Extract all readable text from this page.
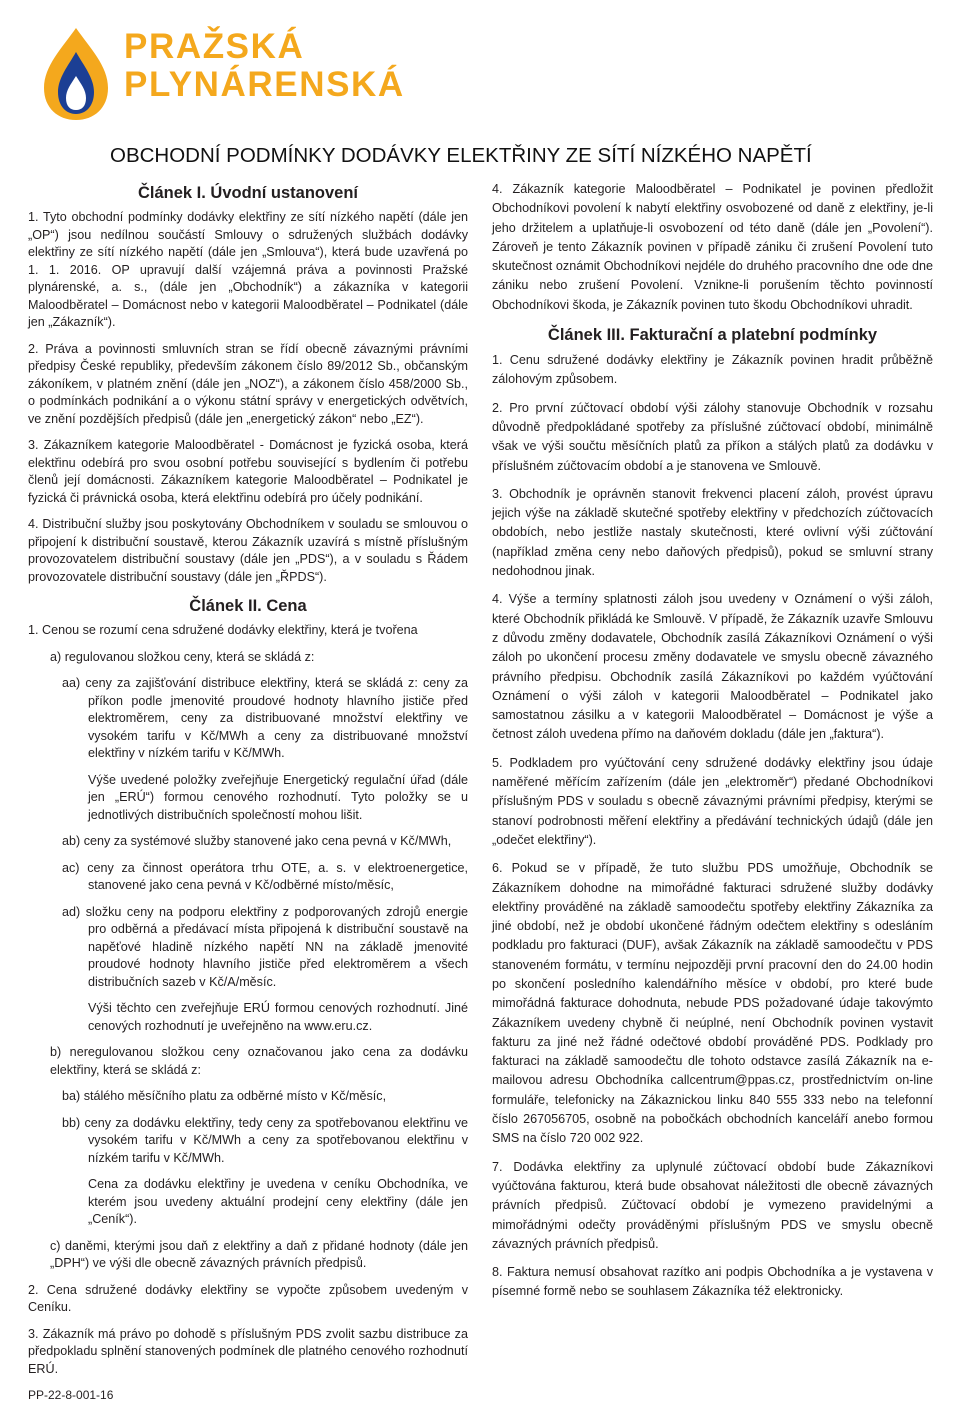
PRAŽSKÁ
PLYNÁRENSKÁ
OBCHODNÍ PODMÍNKY DODÁVKY ELEKTŘINY ZE SÍTÍ NÍZKÉHO NAPĚTÍ
Článek I. Úvodní ustanovení

1. Tyto obchodní podmínky dodávky elektřiny ze sítí nízkého napětí (dále jen „OP“) jsou nedílnou součástí Smlouvy o sdružených službách dodávky elektřiny ze sítí nízkého napětí (dále jen „Smlouva“), která bude uzavřená po 1. 1. 2016. OP upravují další vzájemná práva a povinnosti Pražské plynárenské, a. s., (dále jen „Obchodník“) a zákazníka v kategorii Maloodběratel – Domácnost nebo v kategorii Maloodběratel – Podnikatel (dále jen „Zákazník“).

2. Práva a povinnosti smluvních stran se řídí obecně závaznými právními předpisy České republiky, především zákonem číslo 89/2012 Sb., občanským zákoníkem, v platném znění (dále jen „NOZ“), a zákonem číslo 458/2000 Sb., o podmínkách podnikání a o výkonu státní správy v energetických odvětvích, ve znění pozdějších předpisů (dále jen „energetický zákon“ nebo „EZ“).

3. Zákazníkem kategorie Maloodběratel - Domácnost je fyzická osoba, která elektřinu odebírá pro svou osobní potřebu související s bydlením či potřebu členů její domácnosti. Zákazníkem kategorie Maloodběratel – Podnikatel je fyzická či právnická osoba, která elektřinu odebírá pro účely podnikání.

4. Distribuční služby jsou poskytovány Obchodníkem v souladu se smlouvou o připojení k distribuční soustavě, kterou Zákazník uzavírá s místně příslušným provozovatelem distribuční soustavy (dále jen „PDS“), a v souladu s Řádem provozovatele distribuční soustavy (dále jen „ŘPDS“).

Článek II. Cena

1. Cenou se rozumí cena sdružené dodávky elektřiny, která je tvořena

a) regulovanou složkou ceny, která se skládá z:

aa) ceny za zajišťování distribuce elektřiny, která se skládá z: ceny za příkon podle jmenovité proudové hodnoty hlavního jističe před elektroměrem, ceny za distribuované množství elektřiny ve vysokém tarifu v Kč/MWh a ceny za distribuované množství elektřiny v nízkém tarifu v Kč/MWh.

Výše uvedené položky zveřejňuje Energetický regulační úřad (dále jen „ERÚ“) formou cenového rozhodnutí. Tyto položky se u jednotlivých distribučních společností mohou lišit.

ab) ceny za systémové služby stanovené jako cena pevná v Kč/MWh,

ac) ceny za činnost operátora trhu OTE, a. s. v elektroenergetice, stanovené jako cena pevná v Kč/odběrné místo/měsíc,

ad) složku ceny na podporu elektřiny z podporovaných zdrojů energie pro odběrná a předávací místa připojená k distribuční soustavě na napěťové hladině nízkého napětí NN na základě jmenovité proudové hodnoty hlavního jističe před elektroměrem a všech distribučních sazeb v Kč/A/měsíc.

Výši těchto cen zveřejňuje ERÚ formou cenových rozhodnutí. Jiné cenových rozhodnutí je uveřejněno na www.eru.cz.

b) neregulovanou složkou ceny označovanou jako cena za dodávku elektřiny, která se skládá z:

ba) stálého měsíčního platu za odběrné místo v Kč/měsíc,

bb) ceny za dodávku elektřiny, tedy ceny za spotřebovanou elektřinu ve vysokém tarifu v Kč/MWh a ceny za spotřebovanou elektřinu v nízkém tarifu v Kč/MWh.

Cena za dodávku elektřiny je uvedena v ceníku Obchodníka, ve kterém jsou uvedeny aktuální prodejní ceny elektřiny (dále jen „Ceník“).

c) daněmi, kterými jsou daň z elektřiny a daň z přidané hodnoty (dále jen „DPH“) ve výši dle obecně závazných právních předpisů.

2. Cena sdružené dodávky elektřiny se vypočte způsobem uvedeným v Ceníku.

3. Zákazník má právo po dohodě s příslušným PDS zvolit sazbu distribuce za předpokladu splnění stanovených podmínek dle platného cenového rozhodnutí ERÚ.

4. Zákazník kategorie Maloodběratel – Podnikatel je povinen předložit Obchodníkovi povolení k nabytí elektřiny osvobozené od daně z elektřiny, je-li jeho držitelem a uplatňuje-li osvobození od této daně (dále jen „Povolení“). Zároveň je tento Zákazník povinen v případě zániku či zrušení Povolení tuto skutečnost oznámit Obchodníkovi nejdéle do druhého pracovního dne ode dne zániku nebo zrušení Povolení. Vznikne-li porušením těchto povinností Obchodníkovi škoda, je Zákazník povinen tuto škodu Obchodníkovi uhradit.

Článek III. Fakturační a platební podmínky

1. Cenu sdružené dodávky elektřiny je Zákazník povinen hradit průběžně zálohovým způsobem.

2. Pro první zúčtovací období výši zálohy stanovuje Obchodník v rozsahu důvodně předpokládané spotřeby za příslušné zúčtovací období, minimálně však ve výši součtu měsíčních platů za příkon a stálých platů za dodávku v příslušném zúčtovacím období a je stanovena ve Smlouvě.

3. Obchodník je oprávněn stanovit frekvenci placení záloh, provést úpravu jejich výše na základě skutečné spotřeby elektřiny v předchozích zúčtovacích obdobích, nebo jestliže nastaly skutečnosti, které ovlivní výši zúčtování (například změna ceny nebo daňových předpisů), pokud se smluvní strany nedohodnou jinak.

4. Výše a termíny splatnosti záloh jsou uvedeny v Oznámení o výši záloh, které Obchodník přikládá ke Smlouvě. V případě, že Zákazník uzavře Smlouvu z důvodu změny dodavatele, Obchodník zasílá Zákazníkovi Oznámení o výši záloh po ukončení procesu změny dodavatele ve smyslu obecně závazného právního předpisu. Obchodník zasílá Zákazníkovi po každém vyúčtování Oznámení o výši záloh v kategorii Maloodběratel – Podnikatel jako samostatnou zásilku a v kategorii Maloodběratel – Domácnost je výše a četnost záloh uvedena přímo na daňovém dokladu (dále jen „faktura“).

5. Podkladem pro vyúčtování ceny sdružené dodávky elektřiny jsou údaje naměřené měřícím zařízením (dále jen „elektroměr“) předané Obchodníkovi příslušným PDS v souladu s obecně závaznými právními předpisy, kterými se stanoví podrobnosti měření elektřiny a předávání technických údajů (dále jen „odečet elektřiny“).

6. Pokud se v případě, že tuto službu PDS umožňuje, Obchodník se Zákazníkem dohodne na mimořádné fakturaci sdružené služby dodávky elektřiny prováděné na základě samoodečtu spotřeby elektřiny Zákazníka za jiné období, než je období ukončené řádným odečtem elektřiny s odesláním podkladu pro fakturaci (DUF), avšak Zákazník na základě samoodečtu v PDS stanoveném formátu, v termínu nejpozději první pracovní den do 24.00 hodin po skončení posledního kalendářního měsíce v období, pro které bude mimořádná fakturace dohodnuta, nebude PDS požadované údaje takovýmto Zákazníkem uvedeny chybně či neúplné, není Obchodník povinen vystavit fakturu za jiné než řádné odečtové období prováděné PDS. Podklady pro fakturaci na základě samoodečtu dle tohoto odstavce zasílá Zákazník na e-mailovou adresu Obchodníka callcentrum@ppas.cz, prostřednictvím on-line formuláře, telefonicky na Zákaznickou linku 840 555 333 nebo na telefonní číslo 267056705, osobně na pobočkách obchodních kanceláří anebo formou SMS na číslo 720 002 922.

7. Dodávka elektřiny za uplynulé zúčtovací období bude Zákazníkovi vyúčtována fakturou, která bude obsahovat náležitosti dle obecně závazných právních předpisů. Zúčtovací období je vymezeno pravidelnými a mimořádnými odečty prováděnými příslušným PDS ve smyslu obecně závazných právních předpisů.

8. Faktura nemusí obsahovat razítko ani podpis Obchodníka a je vystavena v písemné formě nebo se souhlasem Zákazníka též elektronicky.

PP-22-8-001-16
